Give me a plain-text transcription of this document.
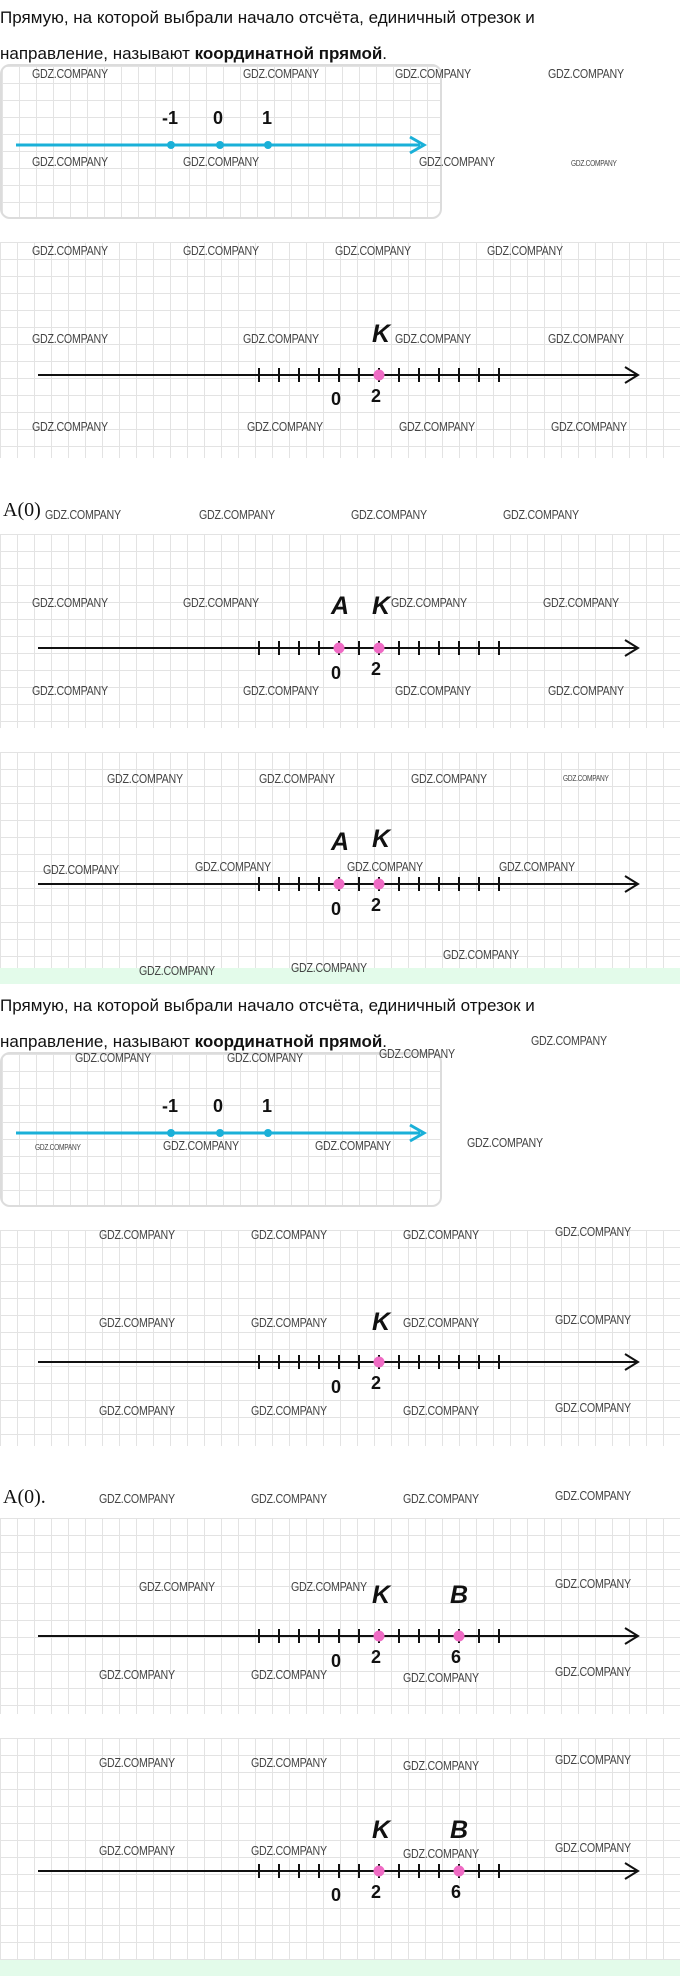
Прямую, на которой выбрали начало отсчёта, единичный отрезок и
направление, называют координатной прямой.
-1 0 1
GDZ.COMPANY	GDZ.COMPANY	GDZ.COMPANY	GDZ.COMPANY
GDZ.COMPANY	GDZ.COMPANY	GDZ.COMPANY	GDZ.COMPANY
K
0 2
GDZ.COMPANY	GDZ.COMPANY	GDZ.COMPANY	GDZ.COMPANY
GDZ.COMPANY	GDZ.COMPANY	GDZ.COMPANY	GDZ.COMPANY
GDZ.COMPANY	GDZ.COMPANY	GDZ.COMPANY	GDZ.COMPANY
A(0)
A K
0 2
GDZ.COMPANY	GDZ.COMPANY	GDZ.COMPANY	GDZ.COMPANY
GDZ.COMPANY	GDZ.COMPANY	GDZ.COMPANY	GDZ.COMPANY
GDZ.COMPANY	GDZ.COMPANY	GDZ.COMPANY	GDZ.COMPANY
A K
0 2
GDZ.COMPANY	GDZ.COMPANY	GDZ.COMPANY	GDZ.COMPANY
GDZ.COMPANY	GDZ.COMPANY	GDZ.COMPANY	GDZ.COMPANY
GDZ.COMPANY
GDZ.COMPANY
GDZ.COMPANY
Прямую, на которой выбрали начало отсчёта, единичный отрезок и
направление, называют координатной прямой.
-1 0 1
GDZ.COMPANY
GDZ.COMPANY
GDZ.COMPANY
GDZ.COMPANY
GDZ.COMPANY	GDZ.COMPANY	GDZ.COMPANY	GDZ.COMPANY
K
0 2
GDZ.COMPANY	GDZ.COMPANY	GDZ.COMPANY	GDZ.COMPANY
GDZ.COMPANY	GDZ.COMPANY	GDZ.COMPANY	GDZ.COMPANY
GDZ.COMPANY	GDZ.COMPANY	GDZ.COMPANY	GDZ.COMPANY
A(0).
K B
0 2	6
GDZ.COMPANY	GDZ.COMPANY	GDZ.COMPANY	GDZ.COMPANY
GDZ.COMPANY	GDZ.COMPANY	GDZ.COMPANY
GDZ.COMPANY	GDZ.COMPANY	GDZ.COMPANY	GDZ.COMPANY
K B
0 2	6
GDZ.COMPANY	GDZ.COMPANY	GDZ.COMPANY	GDZ.COMPANY
GDZ.COMPANY	GDZ.COMPANY	GDZ.COMPANY	GDZ.COMPANY
